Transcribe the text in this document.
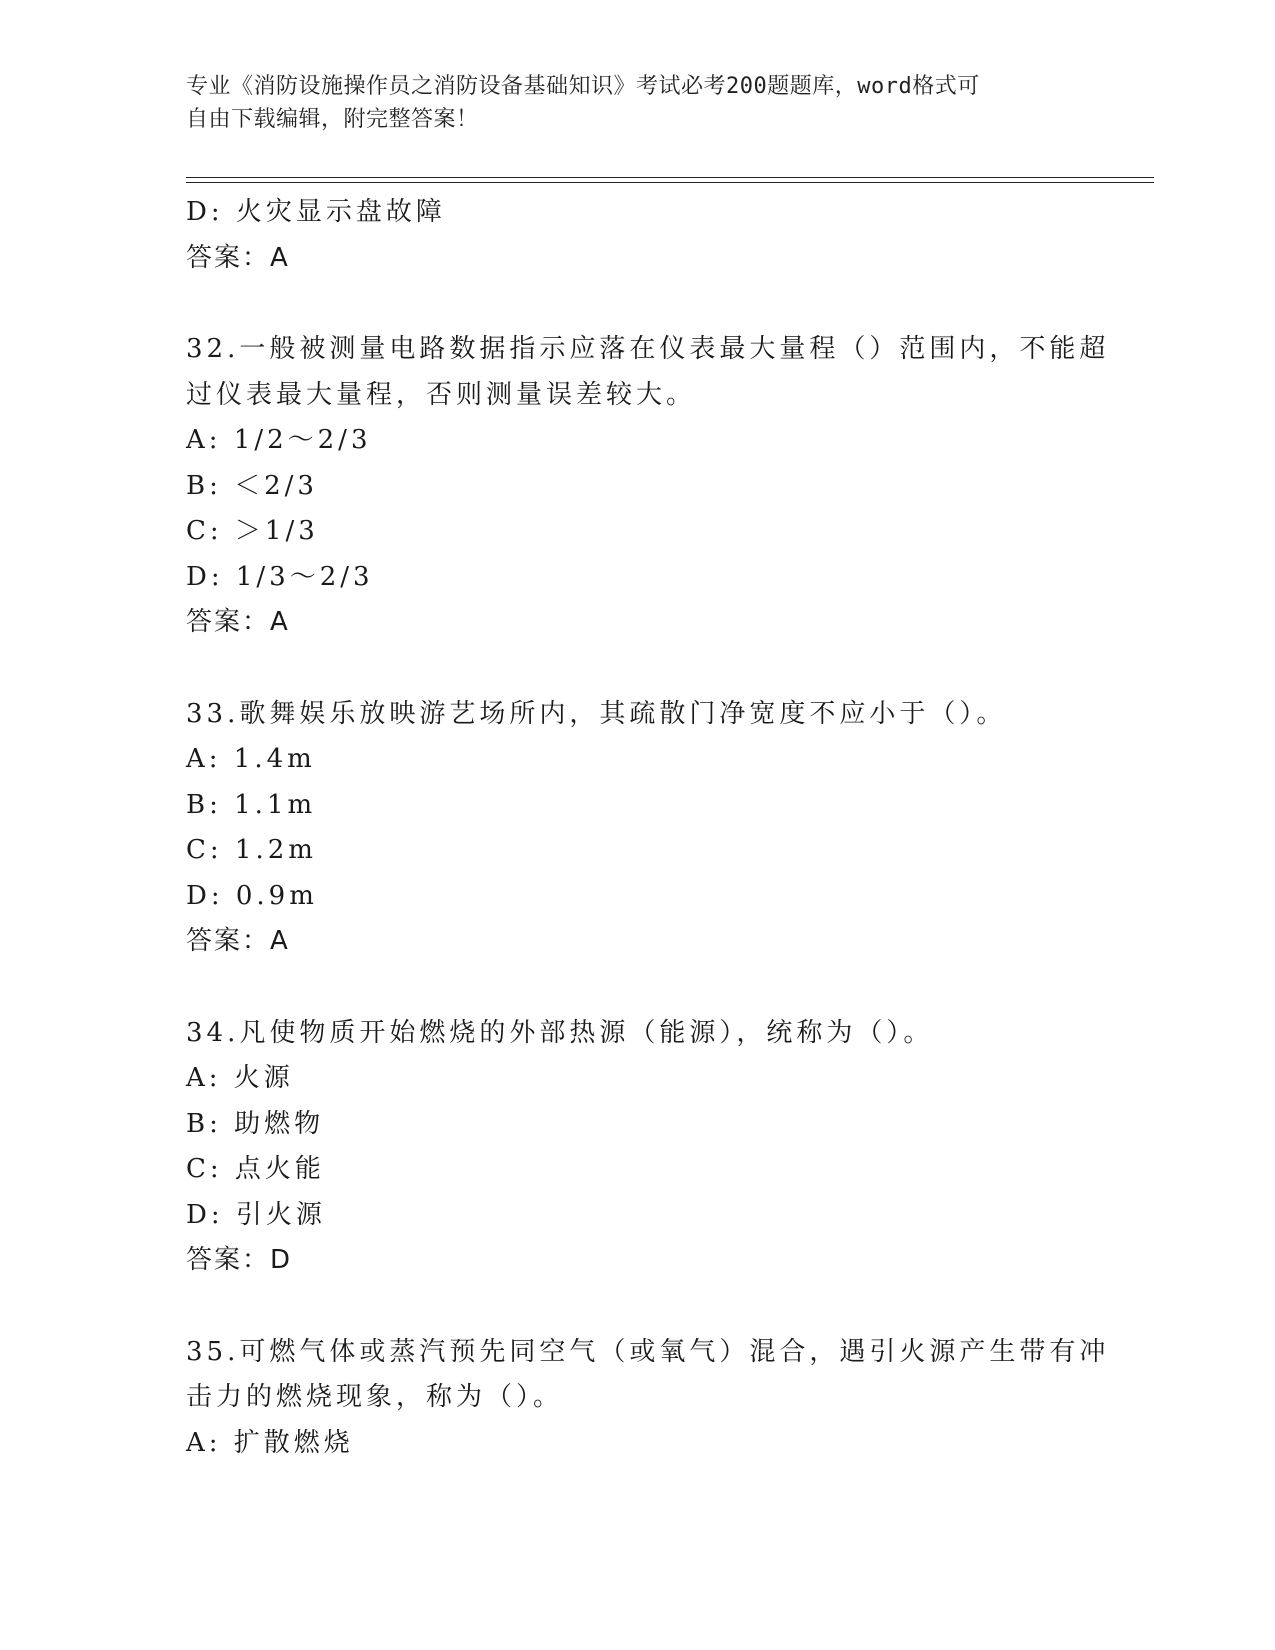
专业《消防设施操作员之消防设备基础知识》考试必考200题题库，word格式可
自由下载编辑，附完整答案！
D: 火灾显示盘故障
答案：A
32.一般被测量电路数据指示应落在仪表最大量程（）范围内，不能超
过仪表最大量程，否则测量误差较大。
A: 1/2～2/3
B: ＜2/3
C: ＞1/3
D: 1/3～2/3
答案：A
33.歌舞娱乐放映游艺场所内，其疏散门净宽度不应小于（）。
A: 1.4m
B: 1.1m
C: 1.2m
D: 0.9m
答案：A
34.凡使物质开始燃烧的外部热源（能源），统称为（）。
A: 火源
B: 助燃物
C: 点火能
D: 引火源
答案：D
35.可燃气体或蒸汽预先同空气（或氧气）混合，遇引火源产生带有冲
击力的燃烧现象，称为（）。
A: 扩散燃烧
